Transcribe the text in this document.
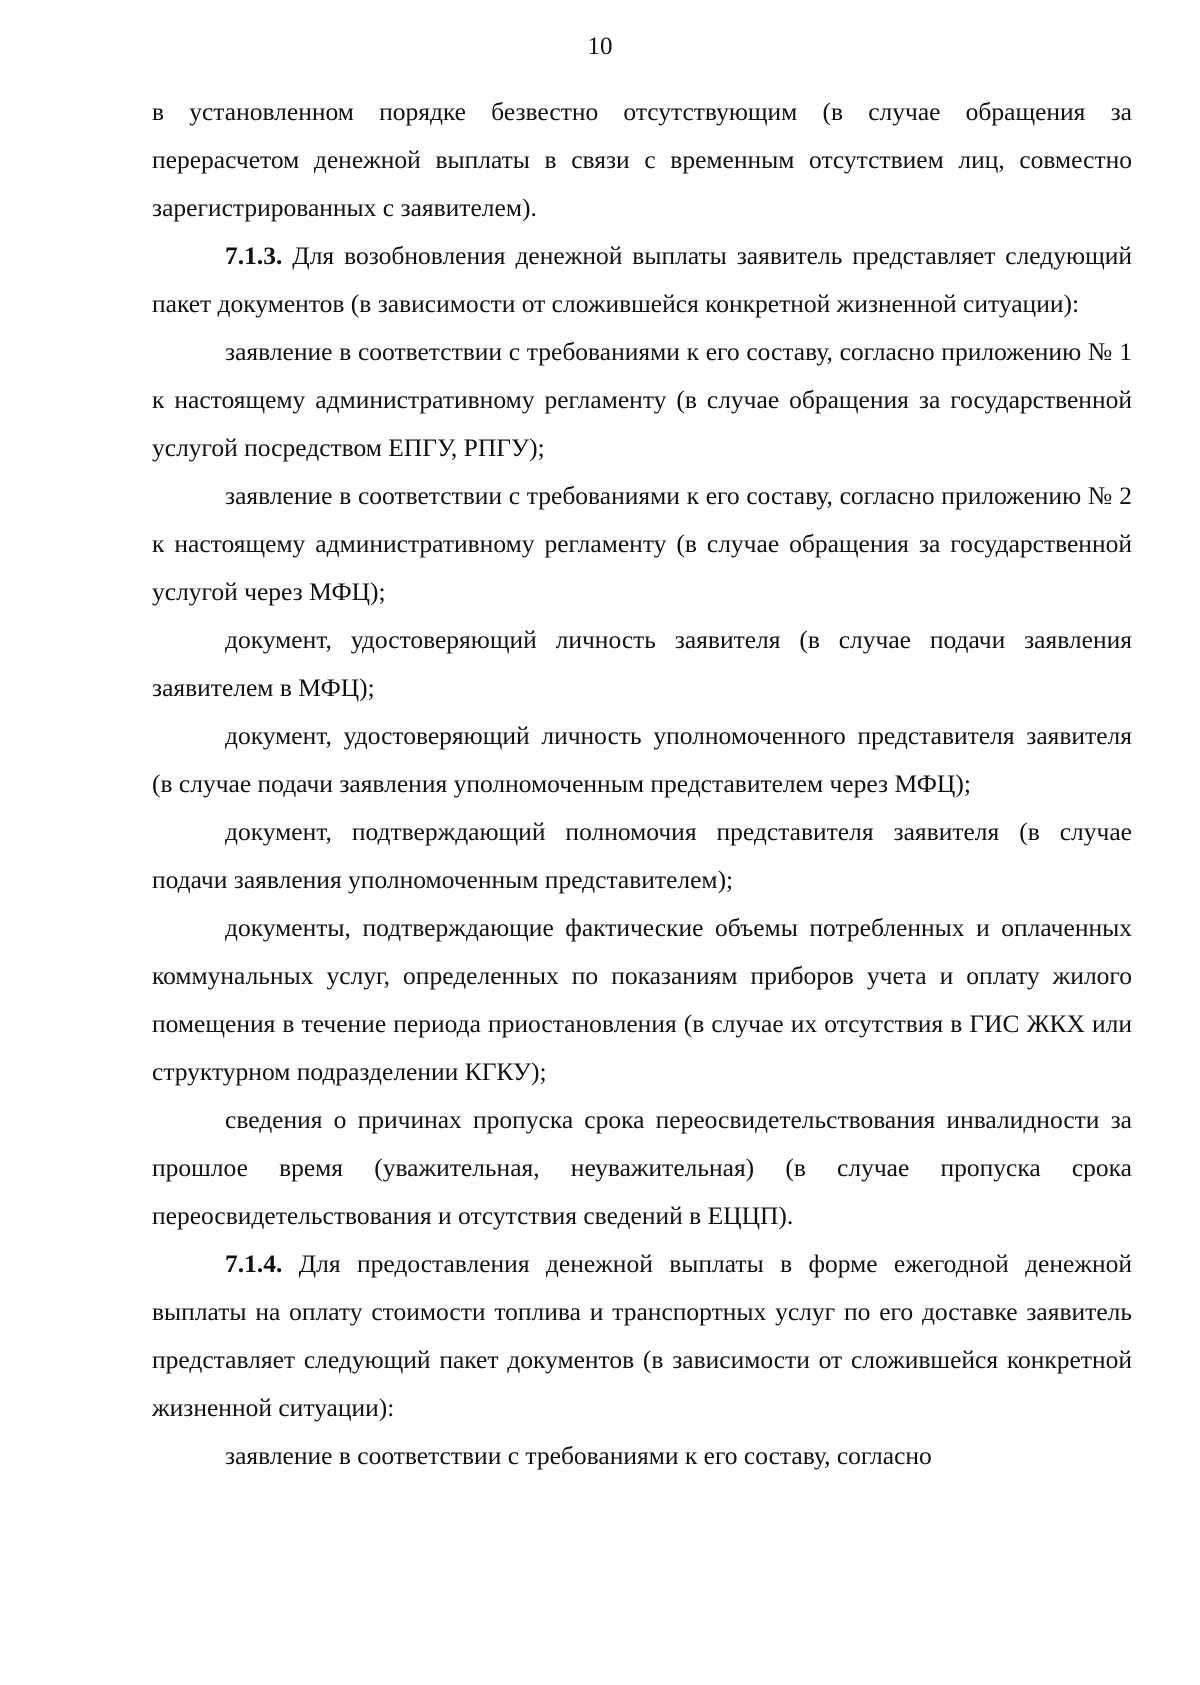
10

в установленном порядке безвестно отсутствующим (в случае обращения за перерасчетом денежной выплаты в связи с временным отсутствием лиц, совместно зарегистрированных с заявителем).

7.1.3. Для возобновления денежной выплаты заявитель представляет следующий пакет документов (в зависимости от сложившейся конкретной жизненной ситуации):

заявление в соответствии с требованиями к его составу, согласно приложению № 1 к настоящему административному регламенту (в случае обращения за государственной услугой посредством ЕПГУ, РПГУ);

заявление в соответствии с требованиями к его составу, согласно приложению № 2 к настоящему административному регламенту (в случае обращения за государственной услугой через МФЦ);

документ, удостоверяющий личность заявителя (в случае подачи заявления заявителем в МФЦ);

документ, удостоверяющий личность уполномоченного представителя заявителя (в случае подачи заявления уполномоченным представителем через МФЦ);

документ, подтверждающий полномочия представителя заявителя (в случае подачи заявления уполномоченным представителем);

документы, подтверждающие фактические объемы потребленных и оплаченных коммунальных услуг, определенных по показаниям приборов учета и оплату жилого помещения в течение периода приостановления (в случае их отсутствия в ГИС ЖКХ или структурном подразделении КГКУ);

сведения о причинах пропуска срока переосвидетельствования инвалидности за прошлое время (уважительная, неуважительная) (в случае пропуска срока переосвидетельствования и отсутствия сведений в ЕЦЦП).

7.1.4. Для предоставления денежной выплаты в форме ежегодной денежной выплаты на оплату стоимости топлива и транспортных услуг по его доставке заявитель представляет следующий пакет документов (в зависимости от сложившейся конкретной жизненной ситуации):

заявление в соответствии с требованиями к его составу, согласно
